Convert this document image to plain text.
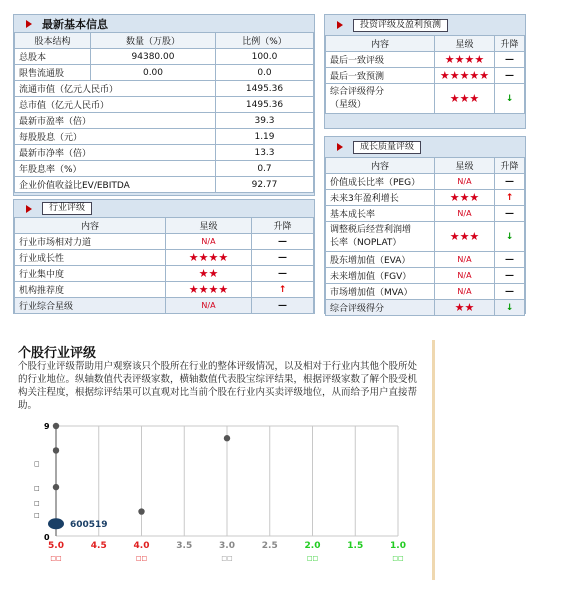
最新基本信息
股本结构	数量（万股）	比例（%）
总股本	94380.00	100.0
限售流通股	0.00	0.0
流通市值（亿元人民币）		1495.36
总市值（亿元人民币）		1495.36
最新市盈率（倍）		39.3
每股股息（元）		1.19
最新市净率（倍）		13.3
年股息率（%）		0.7
企业价值收益比EV/EBITDA		92.77
行业评级
内容	星级	升降
行业市场相对力道	N/A	—
行业成长性	★★★★	—
行业集中度	★★	—
机构推荐度	★★★★	↑
行业综合星级	N/A	—
投资评级及盈利预测
内容	星级	升降
最后一致评级	★★★★	—
最后一致预测	★★★★★	—
综合评级得分
（星级）	★★★	↓
成长质量评级
内容	星级	升降
价值成长比率（PEG）	N/A	—
未来3年盈利增长	★★★	↑
基本成长率	N/A	—
调整税后经营利润增
长率（NOPLAT）	★★★	↓
股东增加值（EVA）	N/A	—
未来增加值（FGV）	N/A	—
市场增加值（MVA）	N/A	—
综合评级得分	★★	↓
个股行业评级
个股行业评级帮助用户观察该只个股所在行业的整体评级情况，以及相对于行业内其他个股所处的行业地位。纵轴数值代表评级家数，横轴数值代表股宝综评结果，根据评级家数了解个股受机构关注程度，根据综评结果可以直观对比当前个股在行业内买卖评级地位，从而给予用户直接帮助。
5.0	4.5	4.0	3.5	3.0	2.5	2.0	1.5	1.0
□□	□□	□□	□□	□□
9
0
□
□
□
□
600519
